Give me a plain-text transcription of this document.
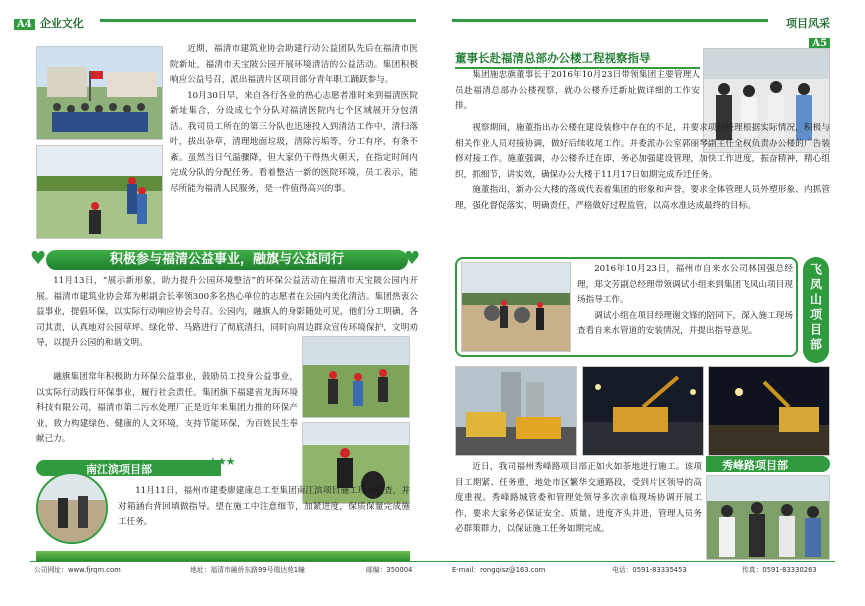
A4 企业文化

近期，福清市建筑业协会助建行动公益团队先后在福清市医院新址，福清市天宝陂公园开展环境清洁的公益活动。集团积极响应公益号召，派出福清片区项目部分青年职工踊跃参与。

10月30日早，来自各行各业的热心志愿者准时来到福清医院新址集合，分设成七个分队对福清医院内七个区域展开分包清洁。我司员工所在的第三分队也迅速投入到清洁工作中，清扫落叶，拔出杂草，清理地面垃圾，清除污垢等，分工有序，有条不紊。虽然当日气温骤降，但大家仍干得热火朝天，在指定时间内完成分队的分配任务。看着整洁一新的医院环境，员工表示，能尽所能为福清人民服务，是一件值得高兴的事。

积极参与福清公益事业，融旗与公益同行
♥	♥

11月13日，“展示新形象，助力提升公园环境整洁”的环保公益活动在福清市天宝陂公园内开展。福清市建筑业协会郑为彬副会长率领300多名热心单位的志愿者在公园内美化清洁。集团热衷公益事业，提倡环保，以实际行动响应协会号召。公园内，融旗人的身影随处可见，他们分工明确，各司其责，认真地对公园草坪、绿化带、马路进行了彻底清扫，同时向周边群众宣传环境保护，文明劝导，以提升公园的和谐文明。

融旗集团常年积极助力环保公益事业，鼓励员工投身公益事业，以实际行动践行环保事业，履行社会责任。集团旗下福建省龙海环境科技有限公司，福清市第二污水处理厂正是近年来集团力推的环保产业，致力构建绿色、健康的人文环境，支持节能环保，为百姓民生奉献己力。

南江滨项目部
★★★

11月11日，福州市建委廖建康总工至集团南江滨项目施工现场检查，并对箱涵台背回填做指导。望在施工中注意细节，加紧进度，保质保量完成施工任务。

项目风采 A5
董事长赴福清总部办公楼工程视察指导

集团施忠旗董事长于2016年10月23日带领集团主要管理人员赴福清总部办公楼视察，就办公楼乔迁新址做详细的工作安排。

视察期间，施董指出办公楼在建设装修中存在的不足，并要求项目经理根据实际情况，积极与相关作业人员对接协调，做好后续收尾工作。并委派办公室郭丽琴副主任全权负责办公楼的广告装修对接工作。施董强调，办公楼乔迁在即，务必加强建设管理，加快工作进度，振奋精神，精心组织，抓细节，讲实效，确保办公大楼于11月17日如期完成乔迁任务。

施董指出，新办公大楼的落成代表着集团的形象和声誉，要求全体管理人员外塑形象、内抓管理，强化督促落实，明确责任，严格做好过程监管，以高水准达成最终的目标。

2016年10月23日，福州市自来水公司林国强总经理，郑文芳副总经理带领调试小组来到集团飞凤山项目现场指导工作。

调试小组在项目经理谢文锋的陪同下，深入施工现场查看自来水管道的安装情况，并提出指导意见。	飞凤山项目部
秀峰路项目部

近日，我司福州秀峰路项目部正如火如荼地进行施工。该项目工期紧、任务重，地处市区繁华交通路段，受到片区领导的高度重视。秀峰路城管委和管理处领导多次亲临现场协调开展工作，要求大家务必保证安全、质量、进度齐头并进，管理人员务必群策群力，以保证施工任务如期完成。

公司网址：www.fjrqm.com	地址：福清市融侨东路99号瑞达苑1幢	邮编：350004	E-mail：rongqisz@163.com	电话：0591-83335453	传真：0591-83330263
